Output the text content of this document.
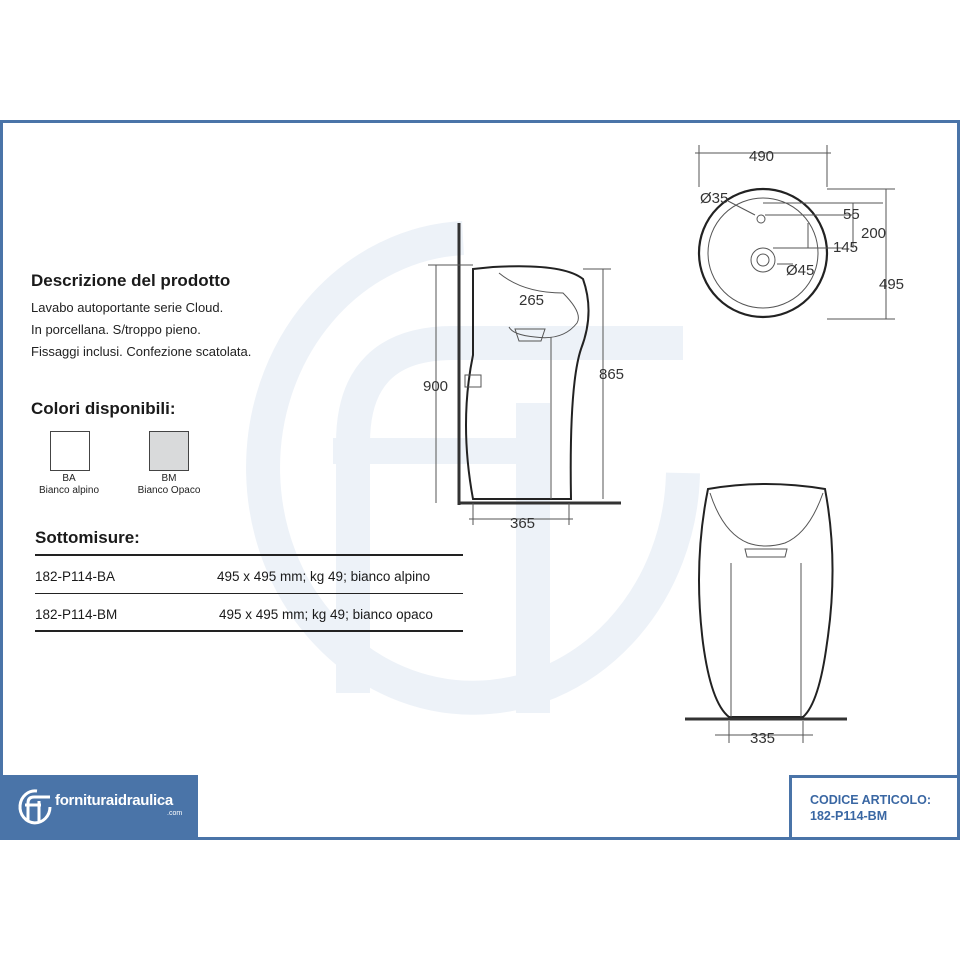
Descrizione del prodotto
Lavabo autoportante serie Cloud.
In porcellana. S/troppo pieno.
Fissaggi inclusi. Confezione scatolata.
Colori disponibili:
BA
Bianco alpino
BM
Bianco Opaco
Sottomisure:
182-P114-BA	495 x 495 mm; kg 49; bianco alpino
182-P114-BM	495 x 495 mm; kg 49; bianco opaco
490
Ø35
55
200
145
Ø45
495
265
900
865
365
335
fornituraidraulica
.com
CODICE ARTICOLO:
182-P114-BM
